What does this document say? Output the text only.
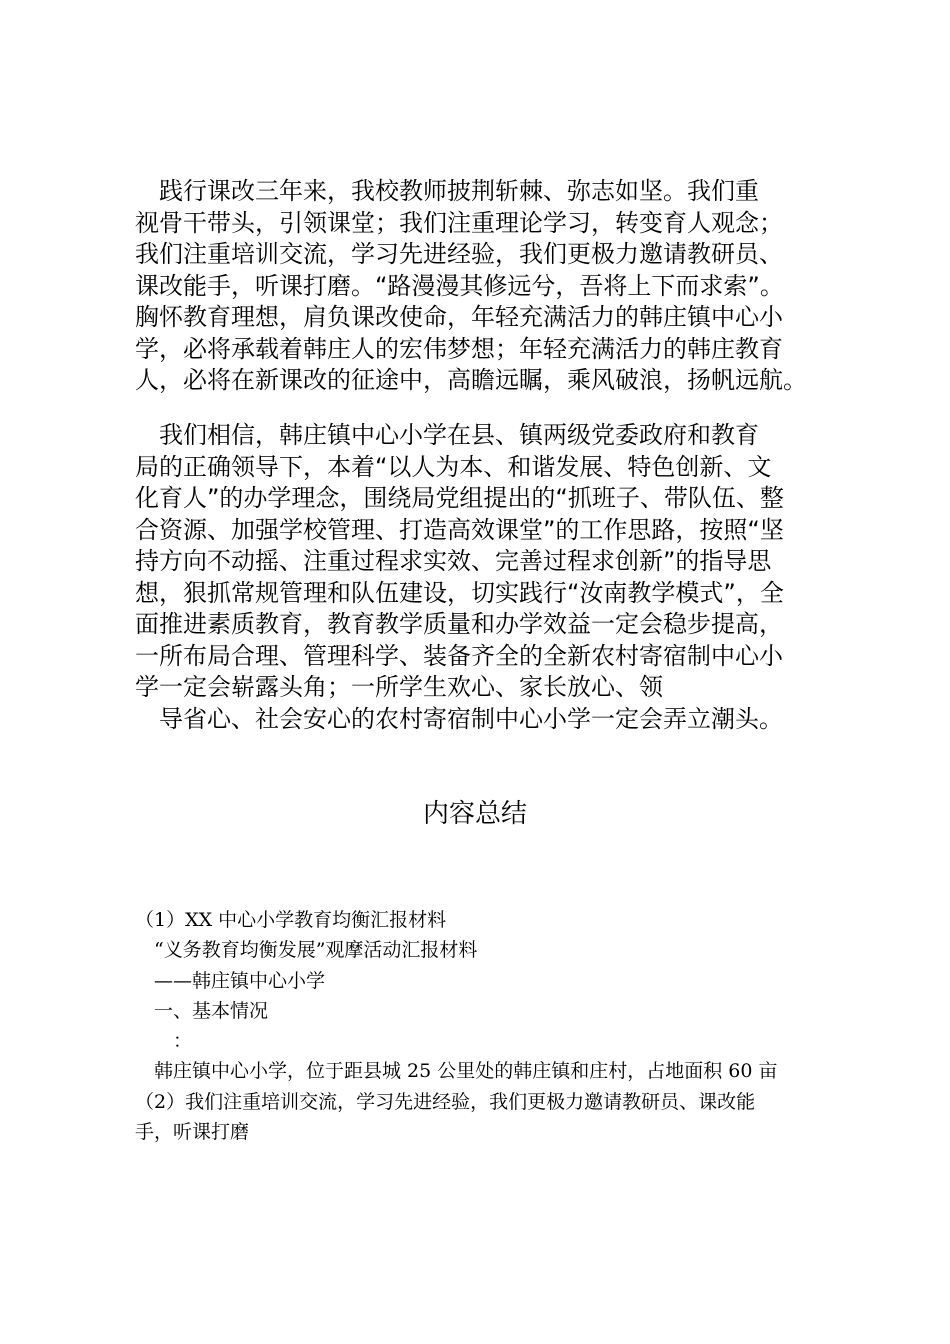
　践行课改三年来，我校教师披荆斩棘、弥志如坚。我们重
视骨干带头，引领课堂；我们注重理论学习，转变育人观念；
我们注重培训交流，学习先进经验，我们更极力邀请教研员、
课改能手，听课打磨。“路漫漫其修远兮，吾将上下而求索”。
胸怀教育理想，肩负课改使命，年轻充满活力的韩庄镇中心小
学，必将承载着韩庄人的宏伟梦想；年轻充满活力的韩庄教育
人，必将在新课改的征途中，高瞻远瞩，乘风破浪，扬帆远航。
　我们相信，韩庄镇中心小学在县、镇两级党委政府和教育
局的正确领导下，本着“以人为本、和谐发展、特色创新、文
化育人”的办学理念，围绕局党组提出的“抓班子、带队伍、整
合资源、加强学校管理、打造高效课堂”的工作思路，按照“坚
持方向不动摇、注重过程求实效、完善过程求创新”的指导思
想，狠抓常规管理和队伍建设，切实践行“汝南教学模式”，全
面推进素质教育，教育教学质量和办学效益一定会稳步提高，
一所布局合理、管理科学、装备齐全的全新农村寄宿制中心小
学一定会崭露头角；一所学生欢心、家长放心、领
　导省心、社会安心的农村寄宿制中心小学一定会弄立潮头。
内容总结
（1）XX 中心小学教育均衡汇报材料
　“义务教育均衡发展”观摩活动汇报材料
　——韩庄镇中心小学
　一、基本情况
　　：
　韩庄镇中心小学，位于距县城 25 公里处的韩庄镇和庄村，占地面积 60 亩
（2）我们注重培训交流，学习先进经验，我们更极力邀请教研员、课改能
手，听课打磨
